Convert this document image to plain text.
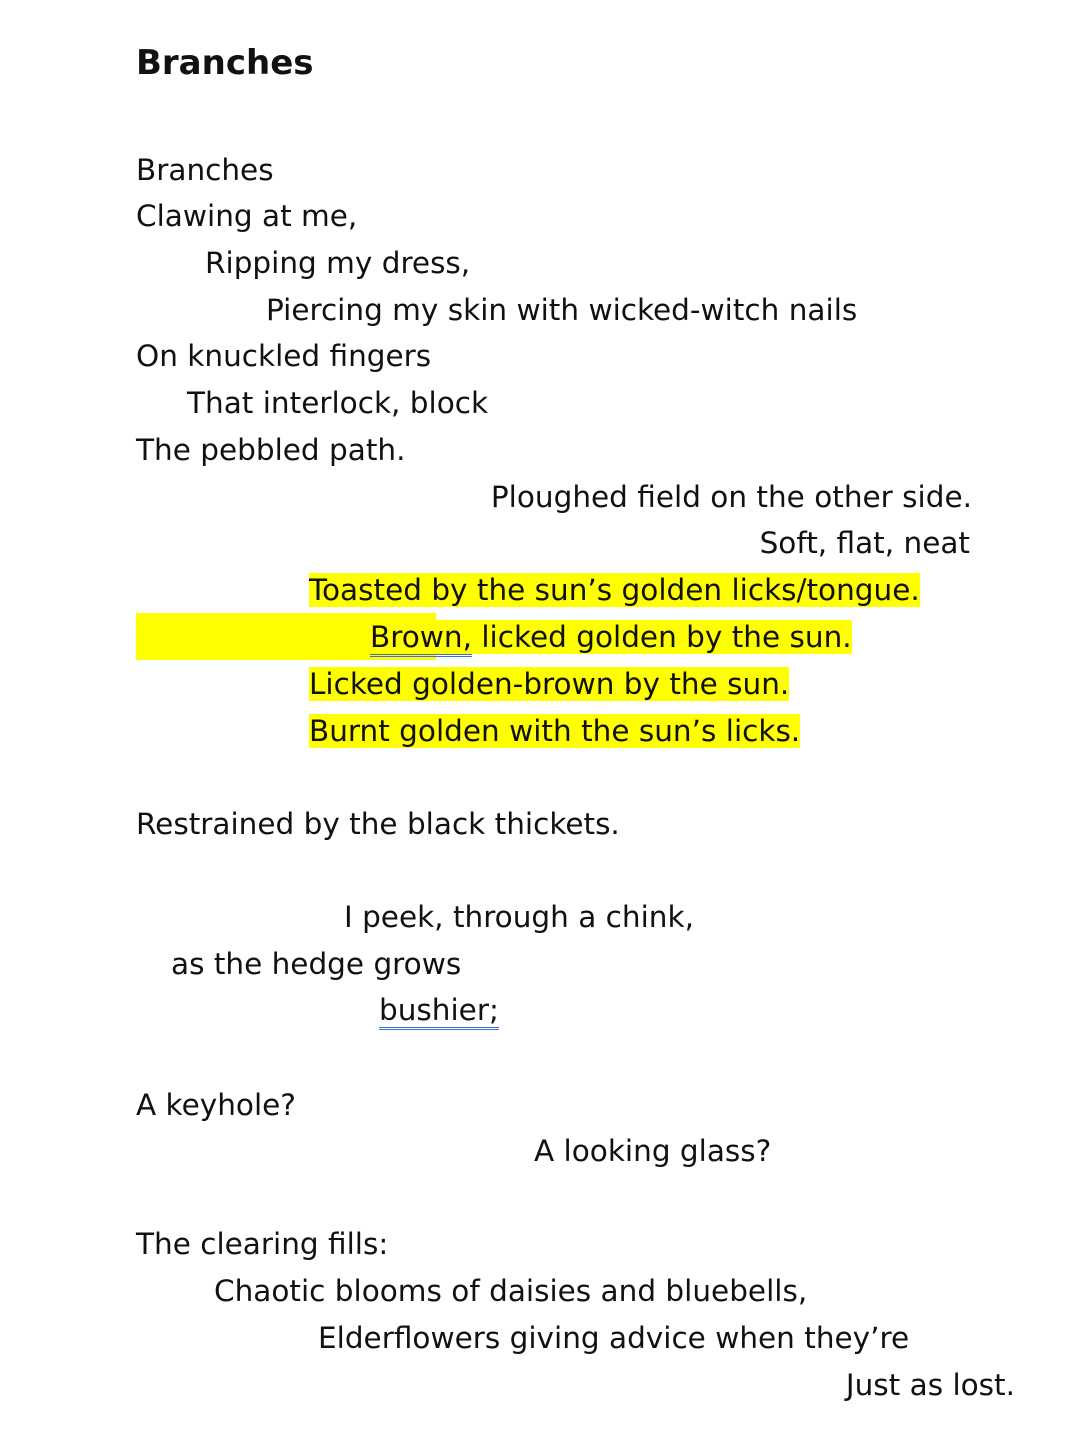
Branches
Branches
Clawing at me,
Ripping my dress,
Piercing my skin with wicked-witch nails
On knuckled fingers
That interlock, block
The pebbled path.
Ploughed field on the other side.
Soft, flat, neat
Toasted by the sun’s golden licks/tongue.
Brown, licked golden by the sun.
Licked golden-brown by the sun.
Burnt golden with the sun’s licks.
Restrained by the black thickets.
I peek, through a chink,
as the hedge grows
bushier;
A keyhole?
A looking glass?
The clearing fills:
Chaotic blooms of daisies and bluebells,
Elderflowers giving advice when they’re
Just as lost.
